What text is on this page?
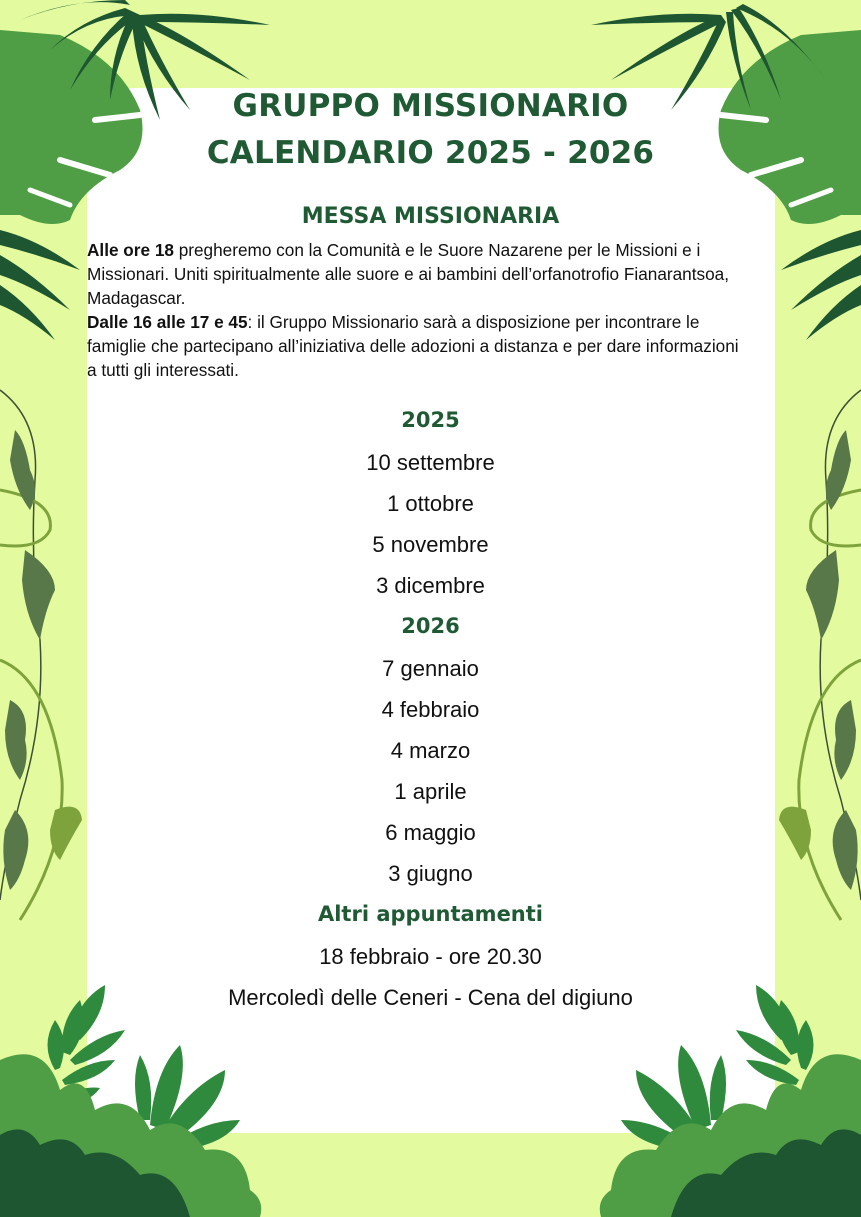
GRUPPO MISSIONARIO
CALENDARIO 2025 - 2026
MESSA MISSIONARIA

Alle ore 18 pregheremo con la Comunità e le Suore Nazarene per le Missioni e i Missionari. Uniti spiritualmente alle suore e ai bambini dell’orfanotrofio Fianarantsoa, Madagascar.

Dalle 16 alle 17 e 45: il Gruppo Missionario sarà a disposizione per incontrare le famiglie che partecipano all’iniziativa delle adozioni a distanza e per dare informazioni a tutti gli interessati.

2025
10 settembre
1 ottobre
5 novembre
3 dicembre
2026
7 gennaio
4 febbraio
4 marzo
1 aprile
6 maggio
3 giugno
Altri appuntamenti
18 febbraio - ore 20.30
Mercoledì delle Ceneri - Cena del digiuno
